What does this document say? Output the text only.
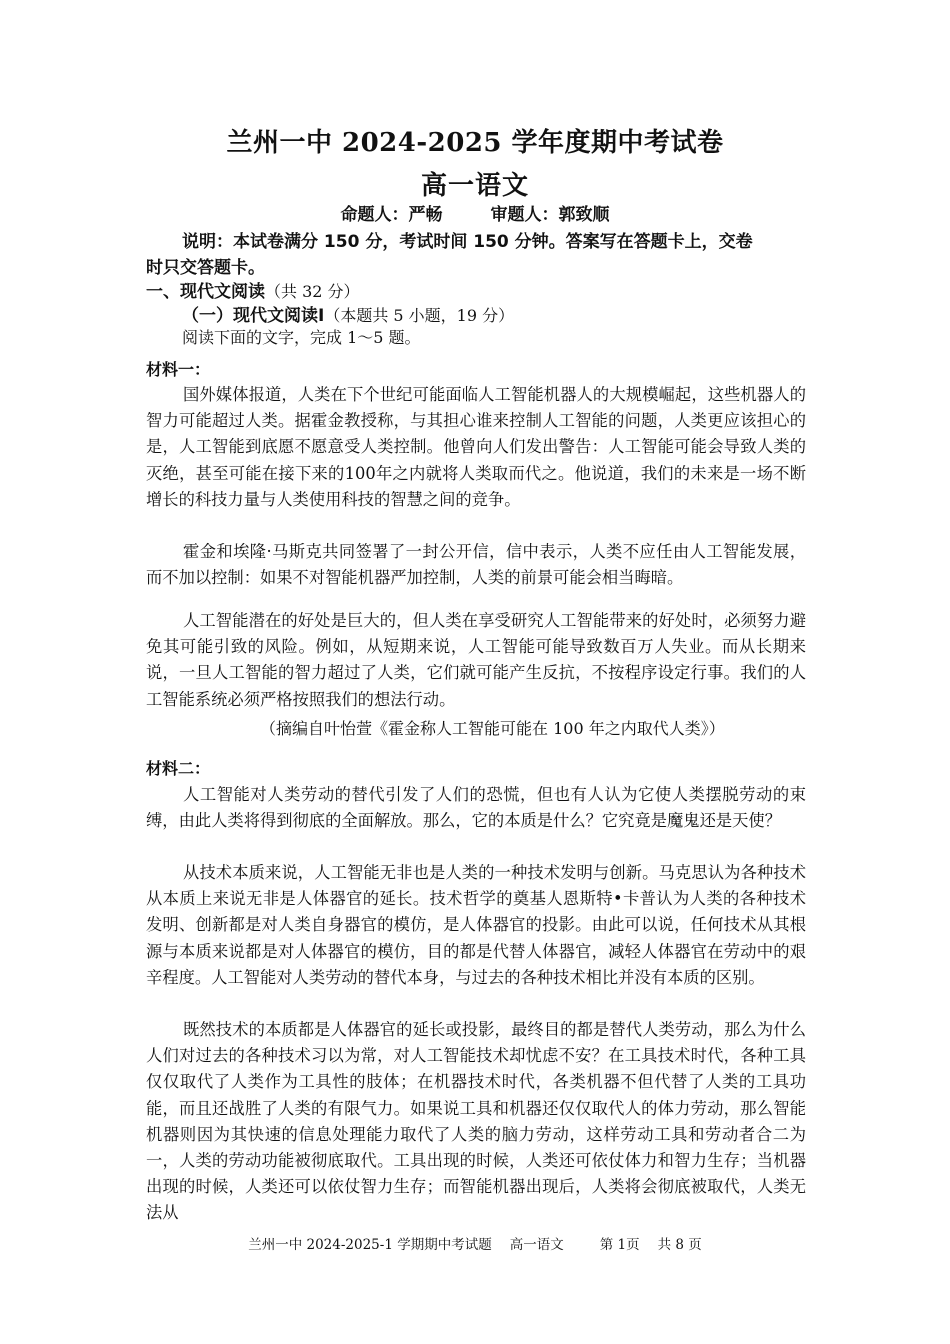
兰州一中 2024-2025 学年度期中考试卷
高一语文
命题人：严畅	审题人：郭致顺
说明：本试卷满分 150 分，考试时间 150 分钟。答案写在答题卡上，交卷
时只交答题卡。
一、现代文阅读（共 32 分）
（一）现代文阅读Ⅰ（本题共 5 小题，19 分）
阅读下面的文字，完成 1～5 题。
材料一：
国外媒体报道，人类在下个世纪可能面临人工智能机器人的大规模崛起，这些机器人的智力可能超过人类。据霍金教授称，与其担心谁来控制人工智能的问题，人类更应该担心的是，人工智能到底愿不愿意受人类控制。他曾向人们发出警告：人工智能可能会导致人类的灭绝，甚至可能在接下来的100年之内就将人类取而代之。他说道，我们的未来是一场不断增长的科技力量与人类使用科技的智慧之间的竞争。
霍金和埃隆·马斯克共同签署了一封公开信，信中表示，人类不应任由人工智能发展，而不加以控制：如果不对智能机器严加控制，人类的前景可能会相当晦暗。
人工智能潜在的好处是巨大的，但人类在享受研究人工智能带来的好处时，必须努力避免其可能引致的风险。例如，从短期来说，人工智能可能导致数百万人失业。而从长期来说，一旦人工智能的智力超过了人类，它们就可能产生反抗，不按程序设定行事。我们的人工智能系统必须严格按照我们的想法行动。
（摘编自叶怡萱《霍金称人工智能可能在 100 年之内取代人类》）
材料二：
人工智能对人类劳动的替代引发了人们的恐慌，但也有人认为它使人类摆脱劳动的束缚，由此人类将得到彻底的全面解放。那么，它的本质是什么？它究竟是魔鬼还是天使？
从技术本质来说，人工智能无非也是人类的一种技术发明与创新。马克思认为各种技术从本质上来说无非是人体器官的延长。技术哲学的奠基人恩斯特•卡普认为人类的各种技术发明、创新都是对人类自身器官的模仿，是人体器官的投影。由此可以说，任何技术从其根源与本质来说都是对人体器官的模仿，目的都是代替人体器官，减轻人体器官在劳动中的艰辛程度。人工智能对人类劳动的替代本身，与过去的各种技术相比并没有本质的区别。
既然技术的本质都是人体器官的延长或投影，最终目的都是替代人类劳动，那么为什么人们对过去的各种技术习以为常，对人工智能技术却忧虑不安？在工具技术时代，各种工具仅仅取代了人类作为工具性的肢体；在机器技术时代，各类机器不但代替了人类的工具功能，而且还战胜了人类的有限气力。如果说工具和机器还仅仅取代人的体力劳动，那么智能机器则因为其快速的信息处理能力取代了人类的脑力劳动，这样劳动工具和劳动者合二为一，人类的劳动功能被彻底取代。工具出现的时候，人类还可依仗体力和智力生存；当机器出现的时候，人类还可以依仗智力生存；而智能机器出现后，人类将会彻底被取代，人类无法从
兰州一中 2024-2025-1 学期期中考试题 高一语文	第 1页 共 8 页
